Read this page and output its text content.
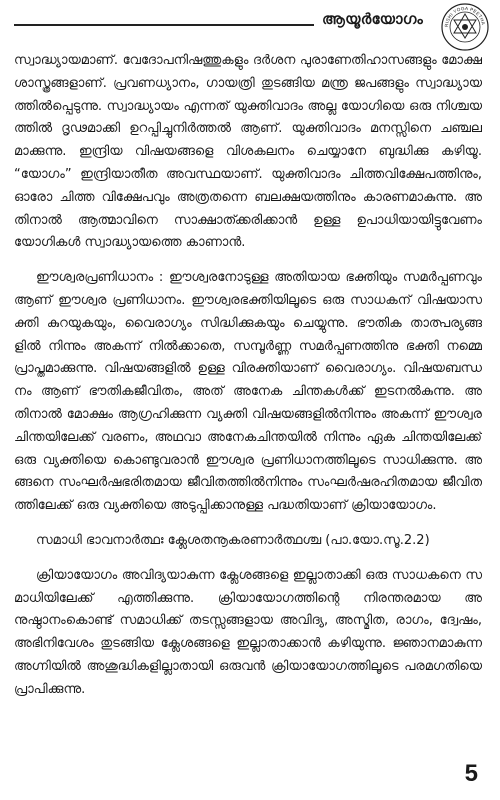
ആയൂർയോഗം	RISHI YOGA PEETHA

സ്വാദ്ധ്യായമാണ്. വേദോപനിഷത്തുകളും ദർശന പുരാണേതിഹാസങ്ങളും മോക്ഷശാസ്ത്രങ്ങളാണ്. പ്രവണധ്യാനം, ഗായത്രി തുടങ്ങിയ മന്ത്ര ജപങ്ങളും സ്വാദ്ധ്യായത്തിൽപ്പെടുന്നു. സ്വാദ്ധ്യായം എന്നത് യുക്തിവാദം അല്ല യോഗിയെ ഒരു നിശ്ചയത്തിൽ ദൃഢമാക്കി ഉറപ്പിച്ചുനിർത്തൽ ആണ്. യുക്തിവാദം മനസ്സിനെ ചഞ്ചലമാക്കുന്നു. ഇന്ദ്രിയ വിഷയങ്ങളെ വിശകലനം ചെയ്യാനേ ബുദ്ധിക്കു കഴിയൂ. “യോഗം” ഇന്ദ്രിയാതീത അവസ്ഥയാണ്. യുക്തിവാദം ചിത്തവിക്ഷേപത്തിനും, ഓരോ ചിത്ത വിക്ഷേപവും അത്രതന്നെ ബലക്ഷയത്തിനും കാരണമാകുന്നു. അതിനാൽ ആത്മാവിനെ സാക്ഷാത്ക്കരിക്കാൻ ഉള്ള ഉപാധിയായിട്ടുവേണം യോഗികൾ സ്വാദ്ധ്യായത്തെ കാണാൻ.

ഈശ്വരപ്രണിധാനം : ഈശ്വരനോടുള്ള അതിയായ ഭക്തിയും സമർപ്പണവും ആണ് ഈശ്വര പ്രണിധാനം. ഈശ്വരഭക്തിയിലൂടെ ഒരു സാധകന് വിഷയാസക്തി കുറയുകയും, വൈരാഗ്യം സിദ്ധിക്കുകയും ചെയ്യുന്നു. ഭൗതിക താത്പര്യങ്ങളിൽ നിന്നും അകന്ന് നിൽക്കാതെ, സമ്പൂർണ്ണ സമർപ്പണത്തിനു ഭക്തി നമ്മെ പ്രാപ്തമാക്കുന്നു. വിഷയങ്ങളിൽ ഉള്ള വിരക്തിയാണ് വൈരാഗ്യം. വിഷയബന്ധനം ആണ് ഭൗതികജീവിതം, അത് അനേക ചിന്തകൾക്ക് ഇടനൽകുന്നു. അതിനാൽ മോക്ഷം ആഗ്രഹിക്കുന്ന വ്യക്തി വിഷയങ്ങളിൽനിന്നും അകന്ന് ഈശ്വരചിന്തയിലേക്ക് വരണം, അഥവാ അനേകചിന്തയിൽ നിന്നും ഏക ചിന്തയിലേക്ക് ഒരു വ്യക്തിയെ കൊണ്ടുവരാൻ ഈശ്വര പ്രണിധാനത്തിലൂടെ സാധിക്കുന്നു. അങ്ങനെ സംഘർഷഭരിതമായ ജീവിതത്തിൽനിന്നും സംഘർഷരഹിതമായ ജീവിതത്തിലേക്ക് ഒരു വ്യക്തിയെ അടുപ്പിക്കാനുള്ള പദ്ധതിയാണ് ക്രിയായോഗം.

സമാധി ഭാവനാർത്ഥഃ ക്ലേശതനൂകരണാർത്ഥശ്ച (പാ.യോ.സൂ.2.2)

ക്രിയായോഗം അവിദ്യയാകുന്ന ക്ലേശങ്ങളെ ഇല്ലാതാക്കി ഒരു സാധകനെ സമാധിയിലേക്ക് എത്തിക്കുന്നു. ക്രിയായോഗത്തിന്റെ നിരന്തരമായ അനുഷ്ഠാനംകൊണ്ട് സമാധിക്ക് തടസ്സങ്ങളായ അവിദ്യ, അസ്മിത, രാഗം, ദ്വേഷം, അഭിനിവേശം തുടങ്ങിയ ക്ലേശങ്ങളെ ഇല്ലാതാക്കാൻ കഴിയുന്നു. ജ്ഞാനമാകുന്ന അഗ്നിയിൽ അശുദ്ധികളില്ലാതായി ഒരുവൻ ക്രിയായോഗത്തിലൂടെ പരമഗതിയെ പ്രാപിക്കുന്നു.

5
